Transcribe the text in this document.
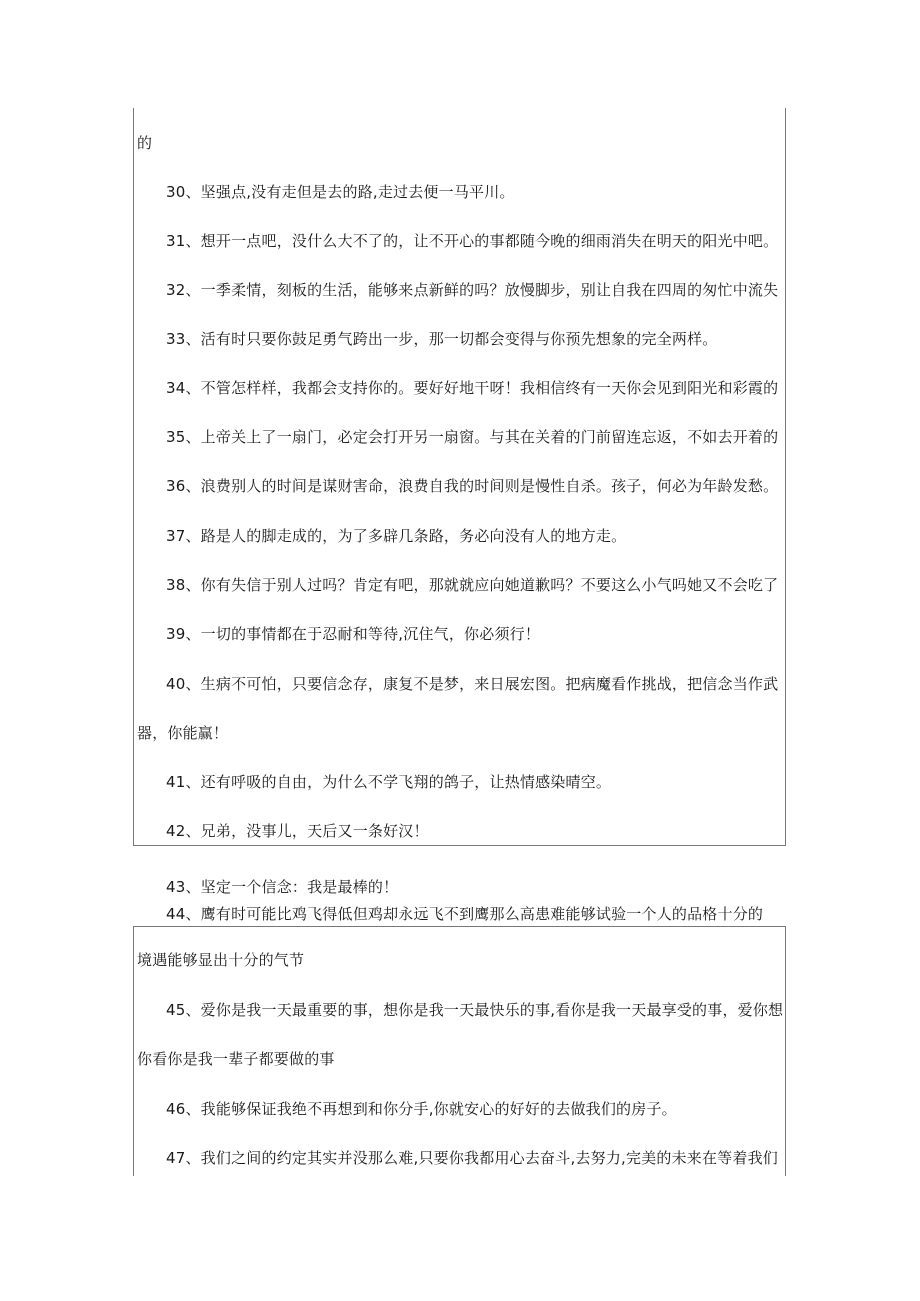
的
30、坚强点,没有走但是去的路,走过去便一马平川。
31、想开一点吧，没什么大不了的，让不开心的事都随今晚的细雨消失在明天的阳光中吧。
32、一季柔情，刻板的生活，能够来点新鲜的吗？放慢脚步，别让自我在四周的匆忙中流失
33、活有时只要你鼓足勇气跨出一步，那一切都会变得与你预先想象的完全两样。
34、不管怎样样，我都会支持你的。要好好地干呀！我相信终有一天你会见到阳光和彩霞的
35、上帝关上了一扇门，必定会打开另一扇窗。与其在关着的门前留连忘返，不如去开着的
36、浪费别人的时间是谋财害命，浪费自我的时间则是慢性自杀。孩子，何必为年龄发愁。
37、路是人的脚走成的，为了多辟几条路，务必向没有人的地方走。
38、你有失信于别人过吗？肯定有吧，那就就应向她道歉吗？不要这么小气吗她又不会吃了
39、一切的事情都在于忍耐和等待,沉住气，你必须行！
40、生病不可怕，只要信念存，康复不是梦，来日展宏图。把病魔看作挑战，把信念当作武
器，你能赢！
41、还有呼吸的自由，为什么不学飞翔的鸽子，让热情感染晴空。
42、兄弟，没事儿，天后又一条好汉！
43、坚定一个信念：我是最棒的！
44、鹰有时可能比鸡飞得低但鸡却永远飞不到鹰那么高患难能够试验一个人的品格十分的
境遇能够显出十分的气节
45、爱你是我一天最重要的事，想你是我一天最快乐的事,看你是我一天最享受的事，爱你想
你看你是我一辈子都要做的事
46、我能够保证我绝不再想到和你分手,你就安心的好好的去做我们的房子。
47、我们之间的约定其实并没那么难,只要你我都用心去奋斗,去努力,完美的未来在等着我们
